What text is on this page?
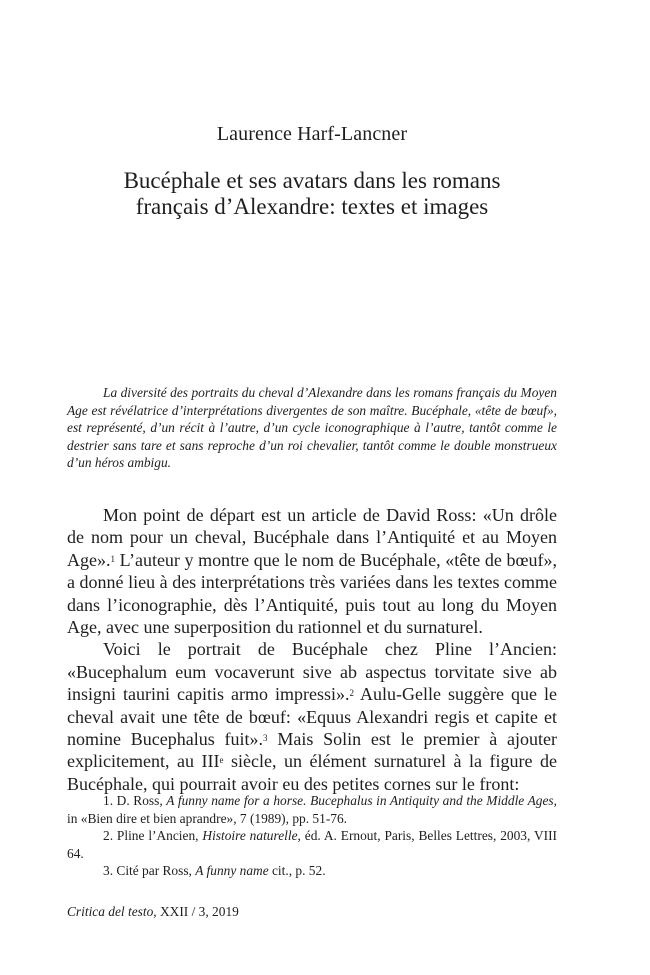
Laurence Harf-Lancner
Bucéphale et ses avatars dans les romans
français d’Alexandre: textes et images

La diversité des portraits du cheval d’Alexandre dans les romans français du Moyen Age est révélatrice d’interprétations divergentes de son maître. Bucéphale, «tête de bœuf», est représenté, d’un récit à l’autre, d’un cycle iconographique à l’autre, tantôt comme le destrier sans tare et sans reproche d’un roi chevalier, tantôt comme le double monstrueux d’un héros ambigu.

Mon point de départ est un article de David Ross: «Un drôle de nom pour un cheval, Bucéphale dans l’Antiquité et au Moyen Age».$^1$ L’auteur y montre que le nom de Bucéphale, «tête de bœuf», a donné lieu à des interprétations très variées dans les textes comme dans l’iconographie, dès l’Antiquité, puis tout au long du Moyen Age, avec une superposition du rationnel et du surnaturel.

Voici le portrait de Bucéphale chez Pline l’Ancien: «Bucephalum eum vocaverunt sive ab aspectus torvitate sive ab insigni taurini capitis armo impressi».$^2$ Aulu-Gelle suggère que le cheval avait une tête de bœuf: «Equus Alexandri regis et capite et nomine Bucephalus fuit».$^3$ Mais Solin est le premier à ajouter explicitement, au IIIe siècle, un élément surnaturel à la figure de Bucéphale, qui pourrait avoir eu des petites cornes sur le front:

1. D. Ross, A funny name for a horse. Bucephalus in Antiquity and the Middle Ages, in «Bien dire et bien aprandre», 7 (1989), pp. 51-76.

2. Pline l’Ancien, Histoire naturelle, éd. A. Ernout, Paris, Belles Lettres, 2003, VIII 64.

3. Cité par Ross, A funny name cit., p. 52.

Critica del testo, XXII / 3, 2019
